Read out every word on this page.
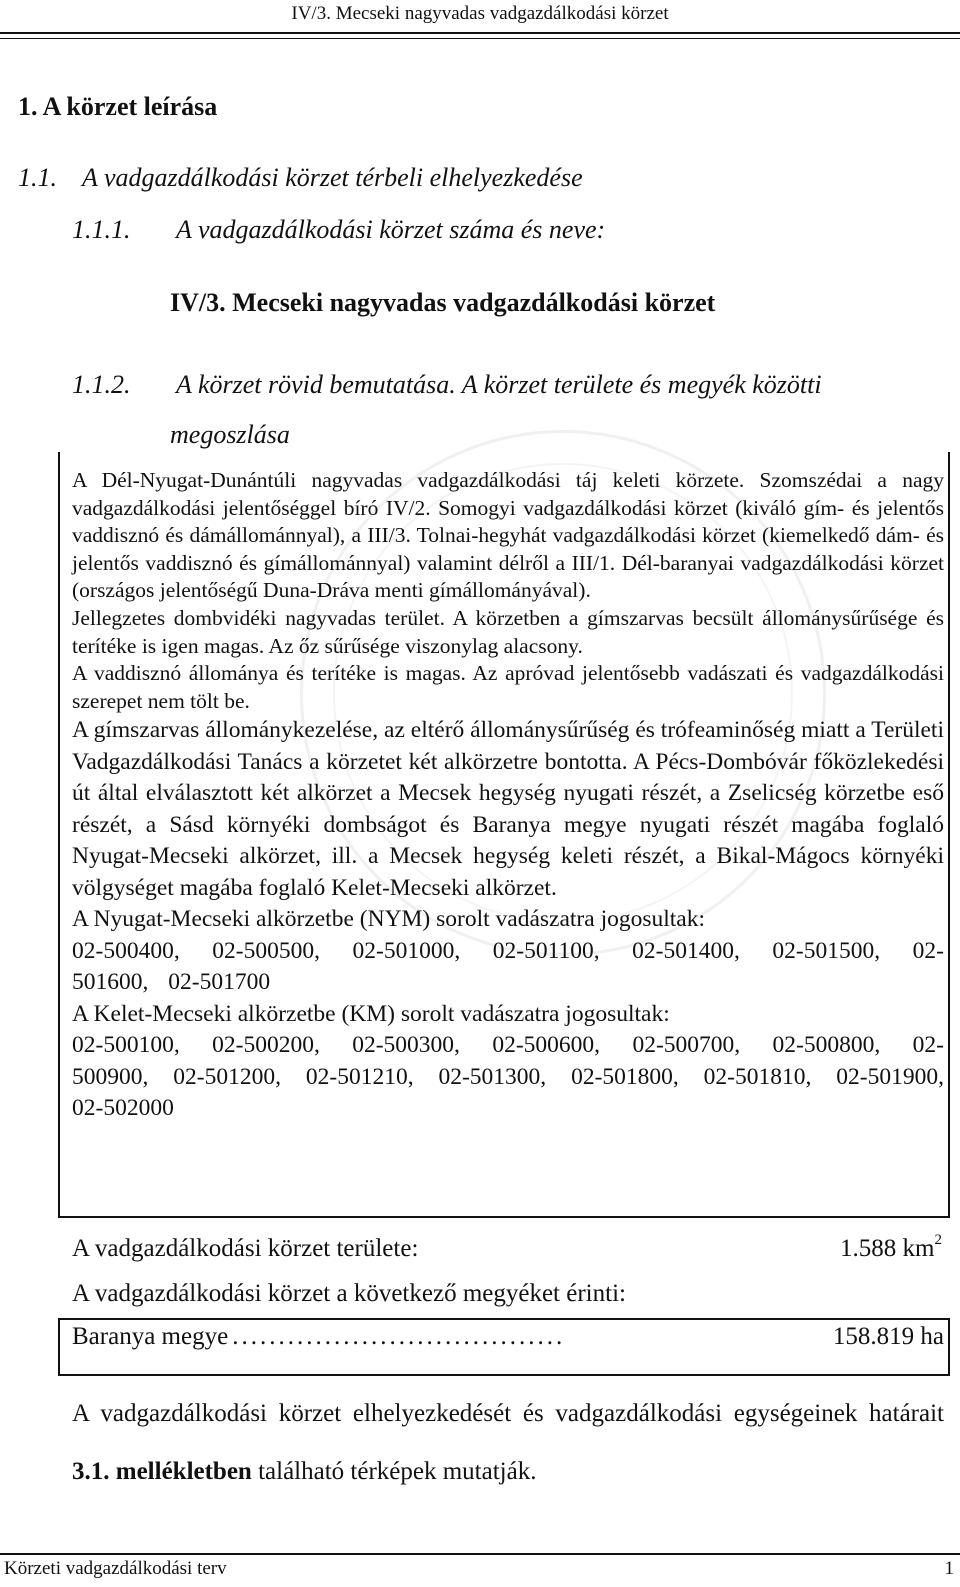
IV/3. Mecseki nagyvadas vadgazdálkodási körzet
1. A körzet leírása
1.1. A vadgazdálkodási körzet térbeli elhelyezkedése
1.1.1. A vadgazdálkodási körzet száma és neve:
IV/3. Mecseki nagyvadas vadgazdálkodási körzet
1.1.2. A körzet rövid bemutatása. A körzet területe és megyék közötti
megoszlása

A Dél-Nyugat-Dunántúli nagyvadas vadgazdálkodási táj keleti körzete. Szomszédai a nagy vadgazdálkodási jelentőséggel bíró IV/2. Somogyi vadgazdálkodási körzet (kiváló gím- és jelentős vaddisznó és dámállománnyal), a III/3. Tolnai-hegyhát vadgazdálkodási körzet (kiemelkedő dám- és jelentős vaddisznó és gímállománnyal) valamint délről a III/1. Dél-baranyai vadgazdálkodási körzet (országos jelentőségű Duna-Dráva menti gímállományával).

Jellegzetes dombvidéki nagyvadas terület. A körzetben a gímszarvas becsült állománysűrűsége és terítéke is igen magas. Az őz sűrűsége viszonylag alacsony.

A vaddisznó állománya és terítéke is magas. Az apróvad jelentősebb vadászati és vadgazdálkodási szerepet nem tölt be.

A gímszarvas állománykezelése, az eltérő állománysűrűség és trófeaminőség miatt a Területi Vadgazdálkodási Tanács a körzetet két alkörzetre bontotta. A Pécs-Dombóvár főközlekedési út által elválasztott két alkörzet a Mecsek hegység nyugati részét, a Zselicség körzetbe eső részét, a Sásd környéki dombságot és Baranya megye nyugati részét magába foglaló Nyugat-Mecseki alkörzet, ill. a Mecsek hegység keleti részét, a Bikal-Mágocs környéki völgységet magába foglaló Kelet-Mecseki alkörzet.

A Nyugat-Mecseki alkörzetbe (NYM) sorolt vadászatra jogosultak:

02-500400, 02-500500, 02-501000, 02-501100, 02-501400, 02-501500, 02-501600, 02-501700

A Kelet-Mecseki alkörzetbe (KM) sorolt vadászatra jogosultak:

02-500100, 02-500200, 02-500300, 02-500600, 02-500700, 02-500800, 02-500900, 02-501200, 02-501210, 02-501300, 02-501800, 02-501810, 02-501900, 02-502000

A vadgazdálkodási körzet területe:	1.588 $km^2$
A vadgazdálkodási körzet a következő megyéket érinti:
Baranya megye ....................................	158.819 ha
A vadgazdálkodási körzet elhelyezkedését és vadgazdálkodási egységeinek határait 3.1. mellékletben található térképek mutatják.
Körzeti vadgazdálkodási terv	1
